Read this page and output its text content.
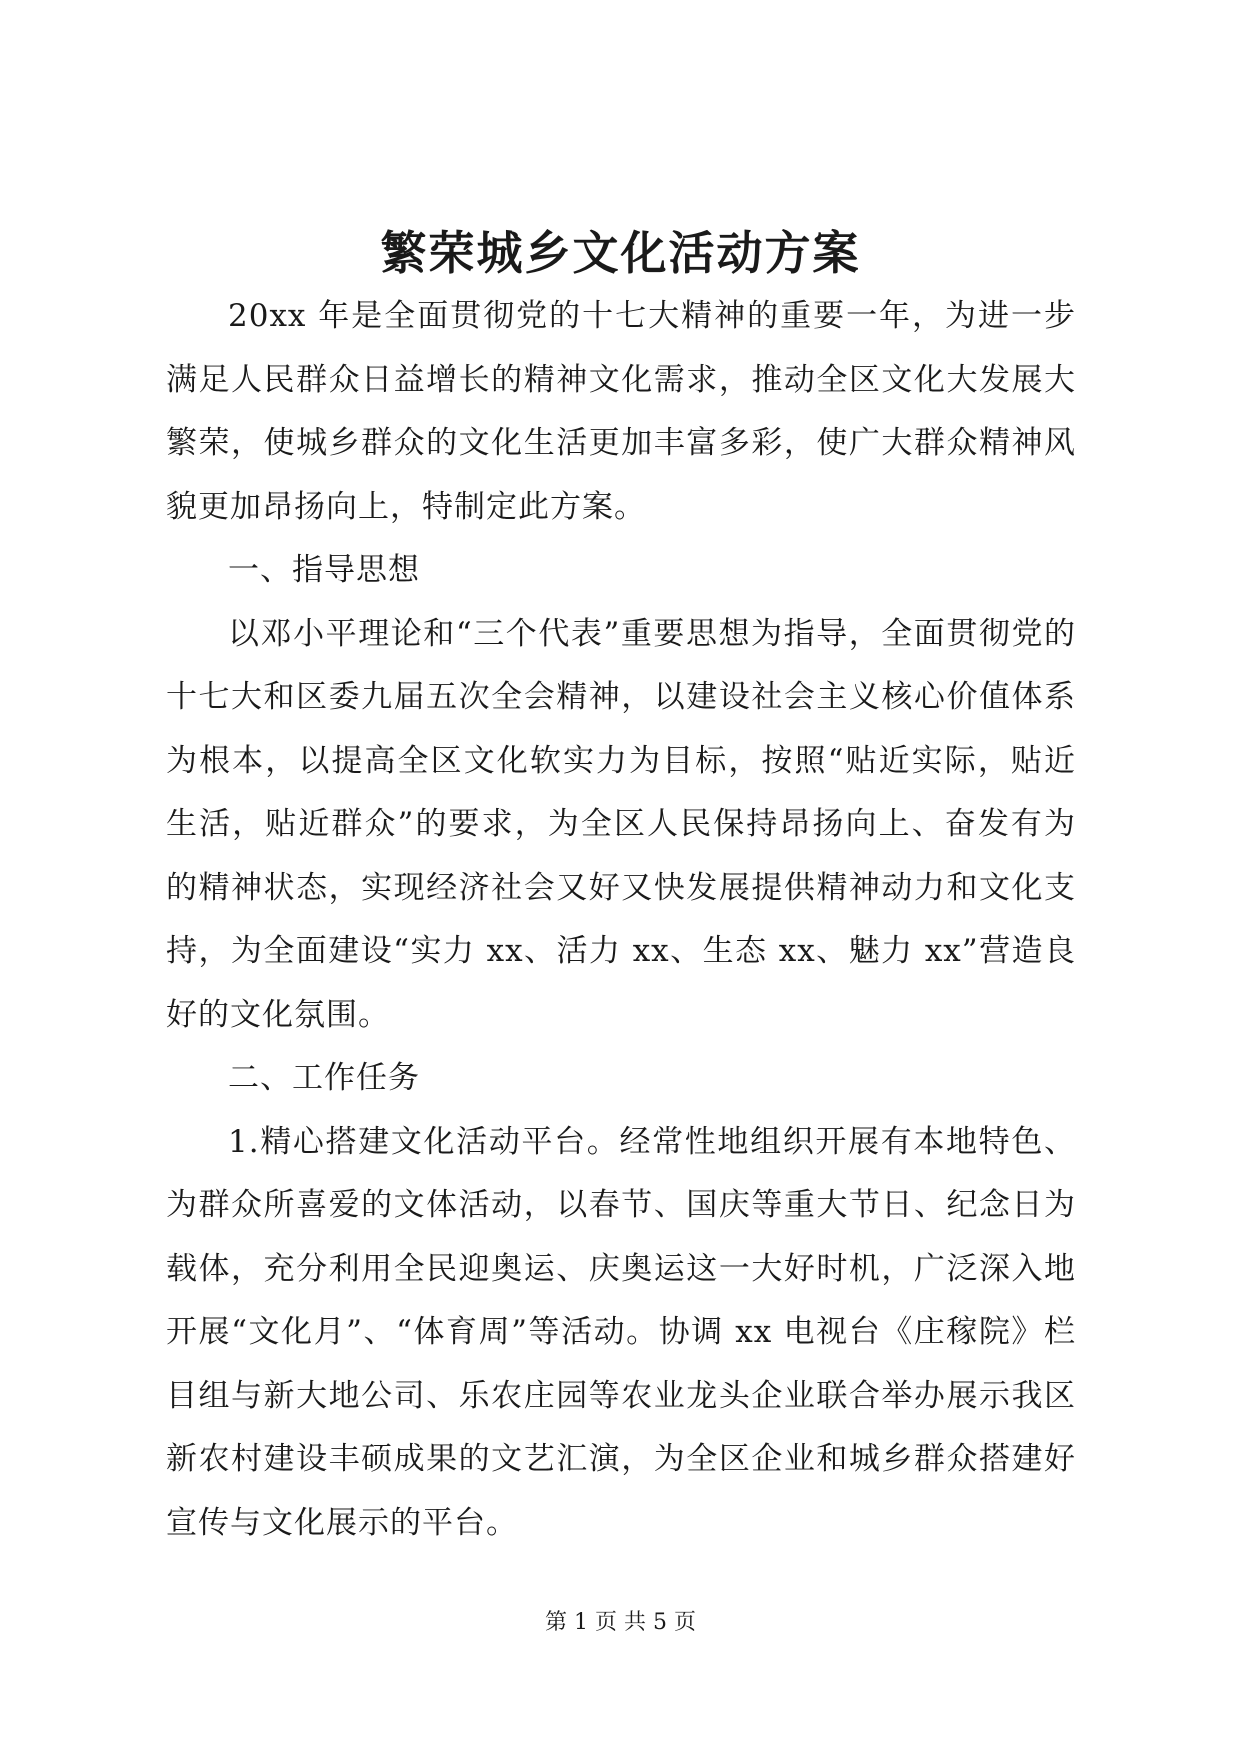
繁荣城乡文化活动方案

20xx 年是全面贯彻党的十七大精神的重要一年，为进一步满足人民群众日益增长的精神文化需求，推动全区文化大发展大繁荣，使城乡群众的文化生活更加丰富多彩，使广大群众精神风貌更加昂扬向上，特制定此方案。

一、指导思想

以邓小平理论和“三个代表”重要思想为指导，全面贯彻党的十七大和区委九届五次全会精神，以建设社会主义核心价值体系为根本，以提高全区文化软实力为目标，按照“贴近实际，贴近生活，贴近群众”的要求，为全区人民保持昂扬向上、奋发有为的精神状态，实现经济社会又好又快发展提供精神动力和文化支持，为全面建设“实力 xx、活力 xx、生态 xx、魅力 xx”营造良好的文化氛围。

二、工作任务

1.精心搭建文化活动平台。经常性地组织开展有本地特色、为群众所喜爱的文体活动，以春节、国庆等重大节日、纪念日为载体，充分利用全民迎奥运、庆奥运这一大好时机，广泛深入地开展“文化月”、“体育周”等活动。协调 xx 电视台《庄稼院》栏目组与新大地公司、乐农庄园等农业龙头企业联合举办展示我区新农村建设丰硕成果的文艺汇演，为全区企业和城乡群众搭建好宣传与文化展示的平台。

第 1 页 共 5 页
